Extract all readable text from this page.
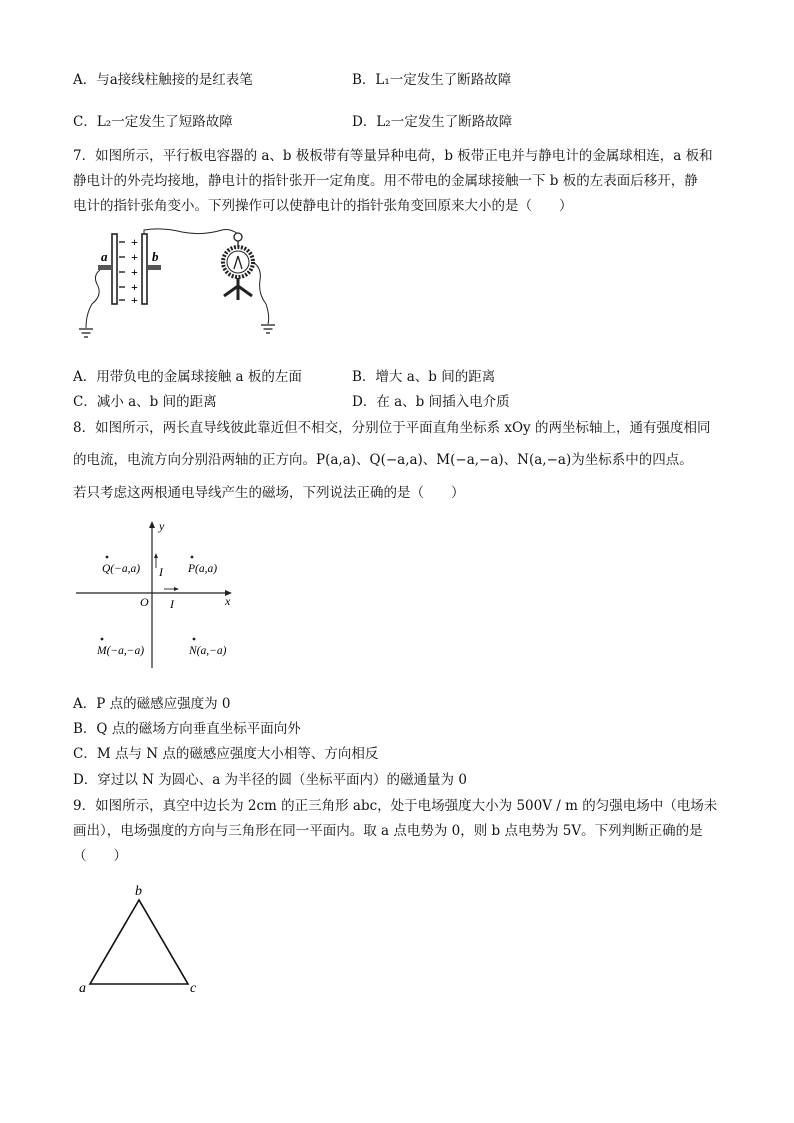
A．与a接线柱触接的是红表笔	B．L₁一定发生了断路故障
C．L₂一定发生了短路故障	D．L₂一定发生了断路故障
7．如图所示，平行板电容器的 a、b 极板带有等量异种电荷，b 板带正电并与静电计的金属球相连，a 板和
静电计的外壳均接地，静电计的指针张开一定角度。用不带电的金属球接触一下 b 板的左表面后移开，静
电计的指针张角变小。下列操作可以使静电计的指针张角变回原来大小的是（　　）
a	b
+
+
+
+
+
A．用带负电的金属球接触 a 板的左面	B．增大 a、b 间的距离
C．减小 a、b 间的距离	D．在 a、b 间插入电介质
8．如图所示，两长直导线彼此靠近但不相交，分别位于平面直角坐标系 xOy 的两坐标轴上，通有强度相同
的电流，电流方向分别沿两轴的正方向。P(a,a)、Q(−a,a)、M(−a,−a)、N(a,−a)为坐标系中的四点。
若只考虑这两根通电导线产生的磁场，下列说法正确的是（　　）
y
x
O
I
I
Q(−a,a)	P(a,a)
M(−a,−a)	N(a,−a)
A．P 点的磁感应强度为 0
B．Q 点的磁场方向垂直坐标平面向外
C．M 点与 N 点的磁感应强度大小相等、方向相反
D．穿过以 N 为圆心、a 为半径的圆（坐标平面内）的磁通量为 0
9．如图所示，真空中边长为 2cm 的正三角形 abc，处于电场强度大小为 500V / m 的匀强电场中（电场未
画出），电场强度的方向与三角形在同一平面内。取 a 点电势为 0，则 b 点电势为 5V。下列判断正确的是
（　　）
b
a	c
